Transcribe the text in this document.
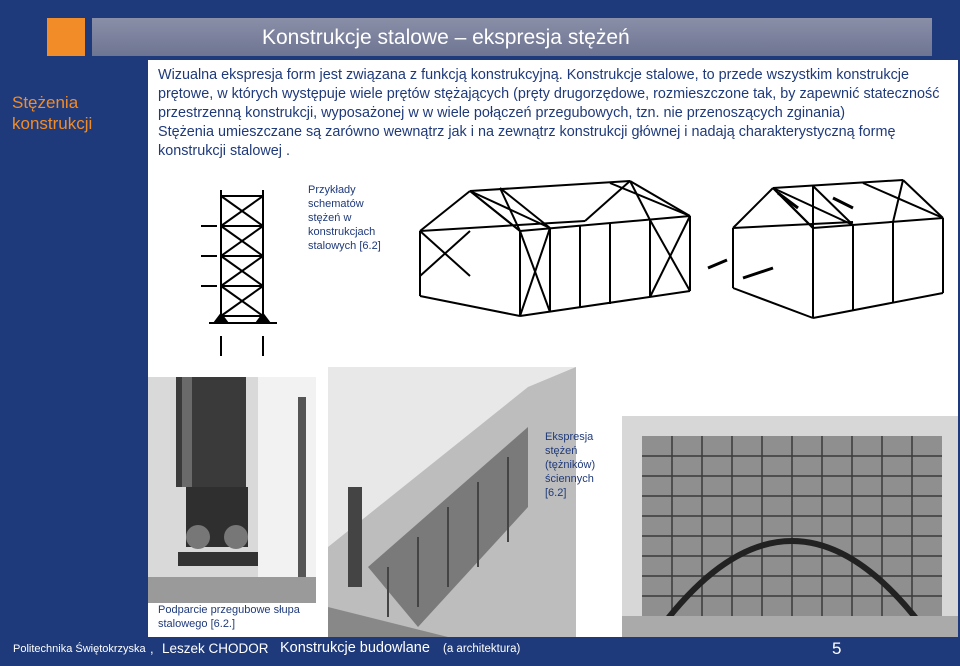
Konstrukcje stalowe – ekspresja stężeń
Stężenia konstrukcji

Wizualna ekspresja form jest związana z funkcją konstrukcyjną. Konstrukcje stalowe, to przede wszystkim konstrukcje prętowe, w których występuje wiele prętów stężających (pręty drugorzędowe, rozmieszczone tak, by zapewnić stateczność przestrzenną konstrukcji, wyposażonej w w wiele połączeń przegubowych, tzn. nie przenoszących zginania)

Stężenia umieszczane są zarówno wewnątrz jak i na zewnątrz konstrukcji głównej i nadają charakterystyczną formę konstrukcji stalowej .

Przykłady schematów stężeń w konstrukcjach stalowych [6.2]
Podparcie przegubowe słupa stalowego [6.2.]
Ekspresja stężeń (tężników) ściennych [6.2]
Politechnika Świętokrzyska , Leszek CHODOR Konstrukcje budowlane (a architektura)	5
